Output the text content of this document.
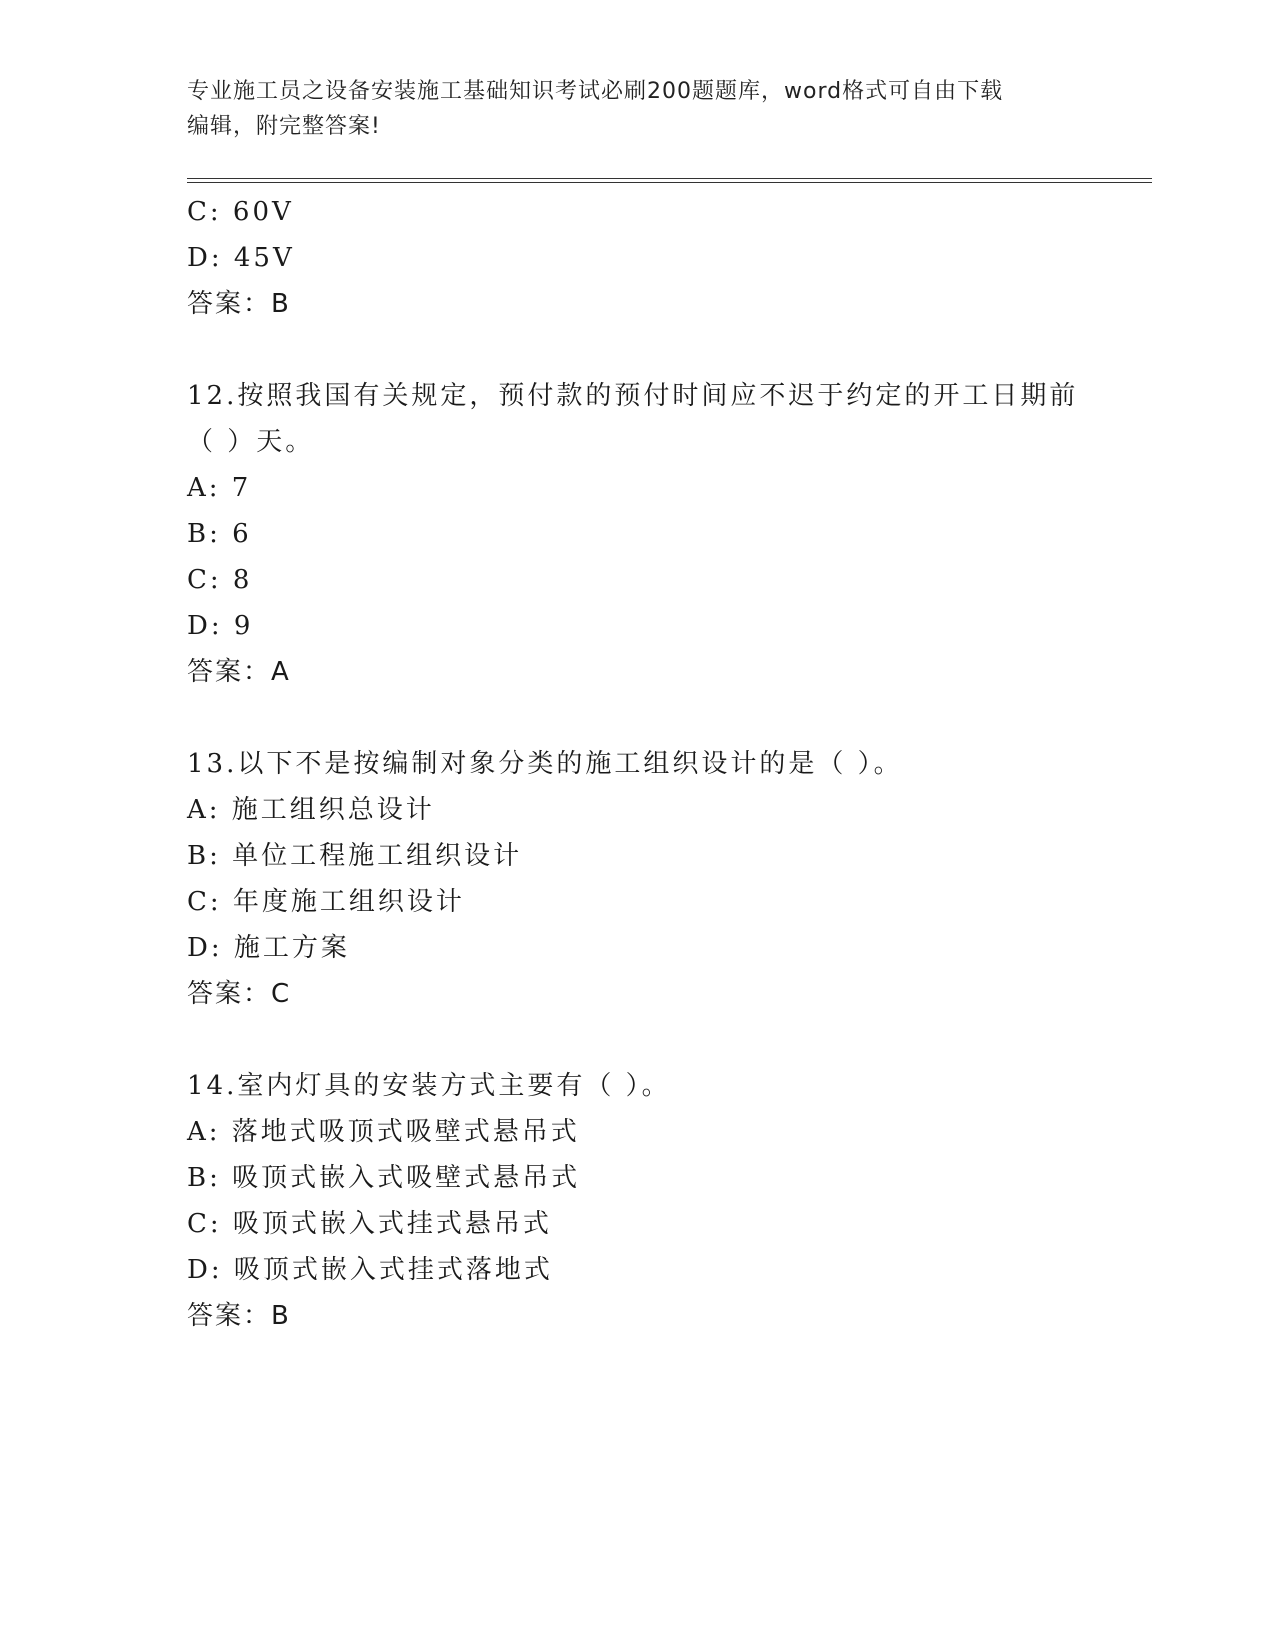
专业施工员之设备安装施工基础知识考试必刷200题题库，word格式可自由下载
编辑，附完整答案!
C: 60V
D: 45V
答案：B
12.按照我国有关规定，预付款的预付时间应不迟于约定的开工日期前
（ ）天。
A: 7
B: 6
C: 8
D: 9
答案：A
13.以下不是按编制对象分类的施工组织设计的是（ ）。
A: 施工组织总设计
B: 单位工程施工组织设计
C: 年度施工组织设计
D: 施工方案
答案：C
14.室内灯具的安装方式主要有（ ）。
A: 落地式吸顶式吸壁式悬吊式
B: 吸顶式嵌入式吸壁式悬吊式
C: 吸顶式嵌入式挂式悬吊式
D: 吸顶式嵌入式挂式落地式
答案：B
